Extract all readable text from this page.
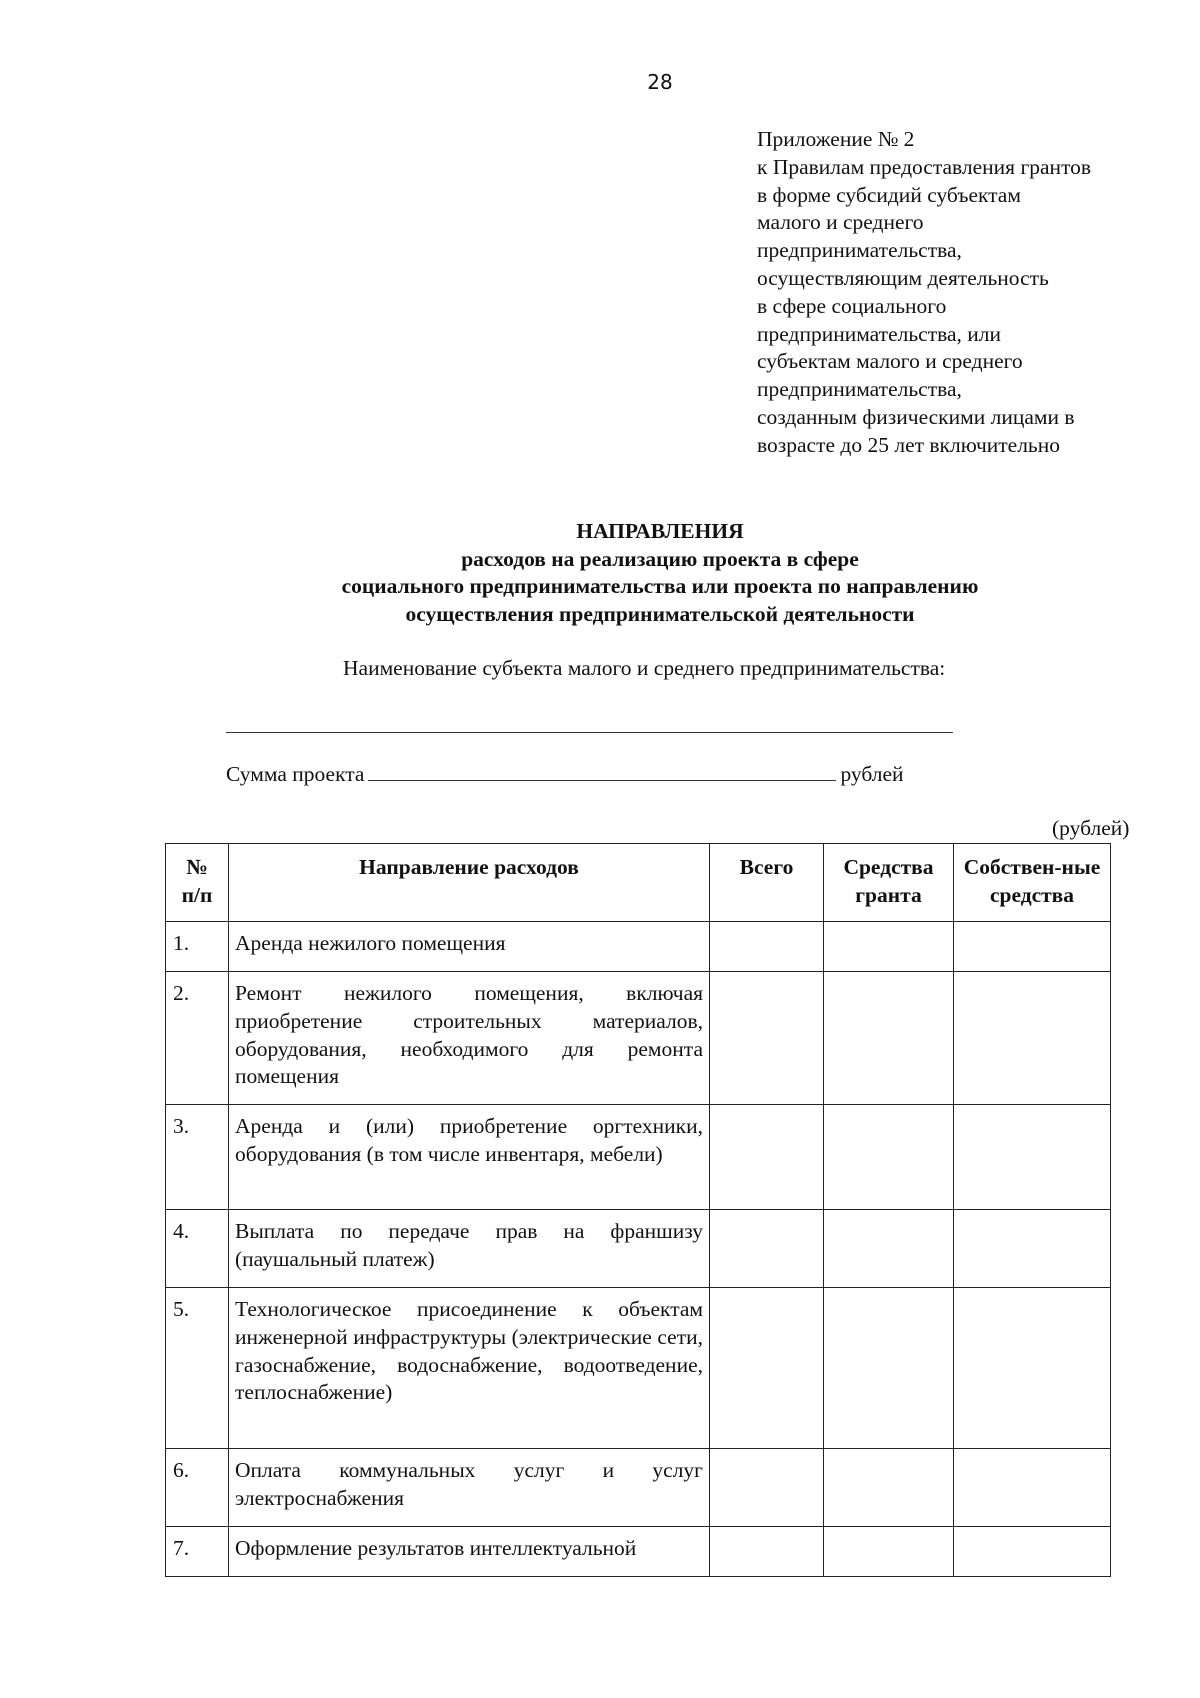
28
Приложение № 2
к Правилам предоставления грантов
в форме субсидий субъектам
малого и среднего
предпринимательства,
осуществляющим деятельность
в сфере социального
предпринимательства, или
субъектам малого и среднего
предпринимательства,
созданным физическими лицами в
возрасте до 25 лет включительно
НАПРАВЛЕНИЯ
расходов на реализацию проекта в сфере
социального предпринимательства или проекта по направлению
осуществления предпринимательской деятельности
Наименование субъекта малого и среднего предпринимательства:
Сумма проекта	рублей
(рублей)
№
п/п	Направление расходов	Всего	Средства гранта	Собствен-ные средства
1.	Аренда нежилого помещения			
2.	Ремонт нежилого помещения, включая приобретение строительных материалов, оборудования, необходимого для ремонта помещения			
3.	Аренда и (или) приобретение оргтехники, оборудования (в том числе инвентаря, мебели)			
4.	Выплата по передаче прав на франшизу (паушальный платеж)			
5.	Технологическое присоединение к объектам инженерной инфраструктуры (электрические сети, газоснабжение, водоснабжение, водоотведение, теплоснабжение)			
6.	Оплата коммунальных услуг и услуг электроснабжения			
7.	Оформление результатов интеллектуальной			
